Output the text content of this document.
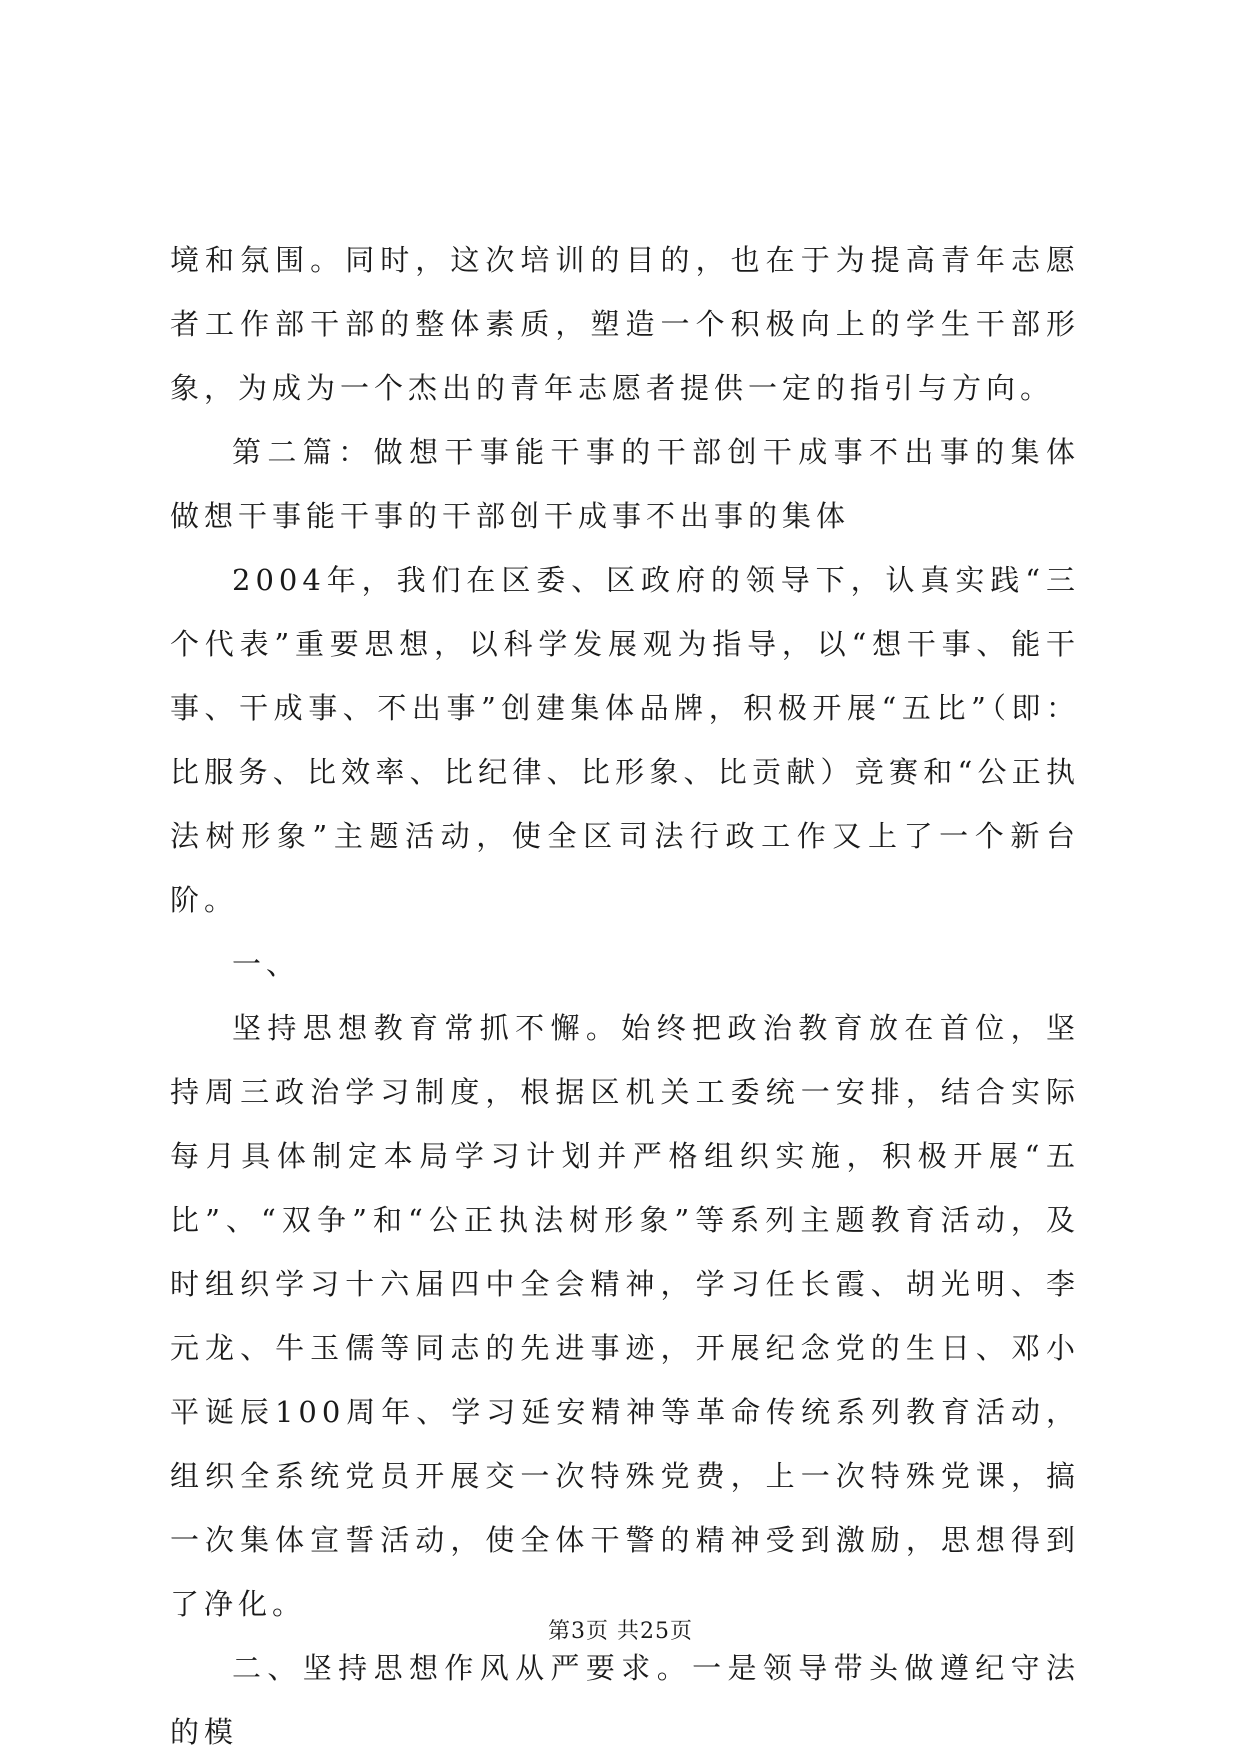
境和氛围。同时，这次培训的目的，也在于为提高青年志愿者工作部干部的整体素质，塑造一个积极向上的学生干部形象，为成为一个杰出的青年志愿者提供一定的指引与方向。

第二篇：做想干事能干事的干部创干成事不出事的集体做想干事能干事的干部创干成事不出事的集体

2004年，我们在区委、区政府的领导下，认真实践“三个代表”重要思想，以科学发展观为指导，以“想干事、能干事、干成事、不出事”创建集体品牌，积极开展“五比”（即：比服务、比效率、比纪律、比形象、比贡献）竞赛和“公正执法树形象”主题活动，使全区司法行政工作又上了一个新台阶。

一、

坚持思想教育常抓不懈。始终把政治教育放在首位，坚持周三政治学习制度，根据区机关工委统一安排，结合实际每月具体制定本局学习计划并严格组织实施，积极开展“五比”、“双争”和“公正执法树形象”等系列主题教育活动，及时组织学习十六届四中全会精神，学习任长霞、胡光明、李元龙、牛玉儒等同志的先进事迹，开展纪念党的生日、邓小平诞辰100周年、学习延安精神等革命传统系列教育活动，组织全系统党员开展交一次特殊党费，上一次特殊党课，搞一次集体宣誓活动，使全体干警的精神受到激励，思想得到了净化。

二、坚持思想作风从严要求。一是领导带头做遵纪守法的模

第3页 共25页
